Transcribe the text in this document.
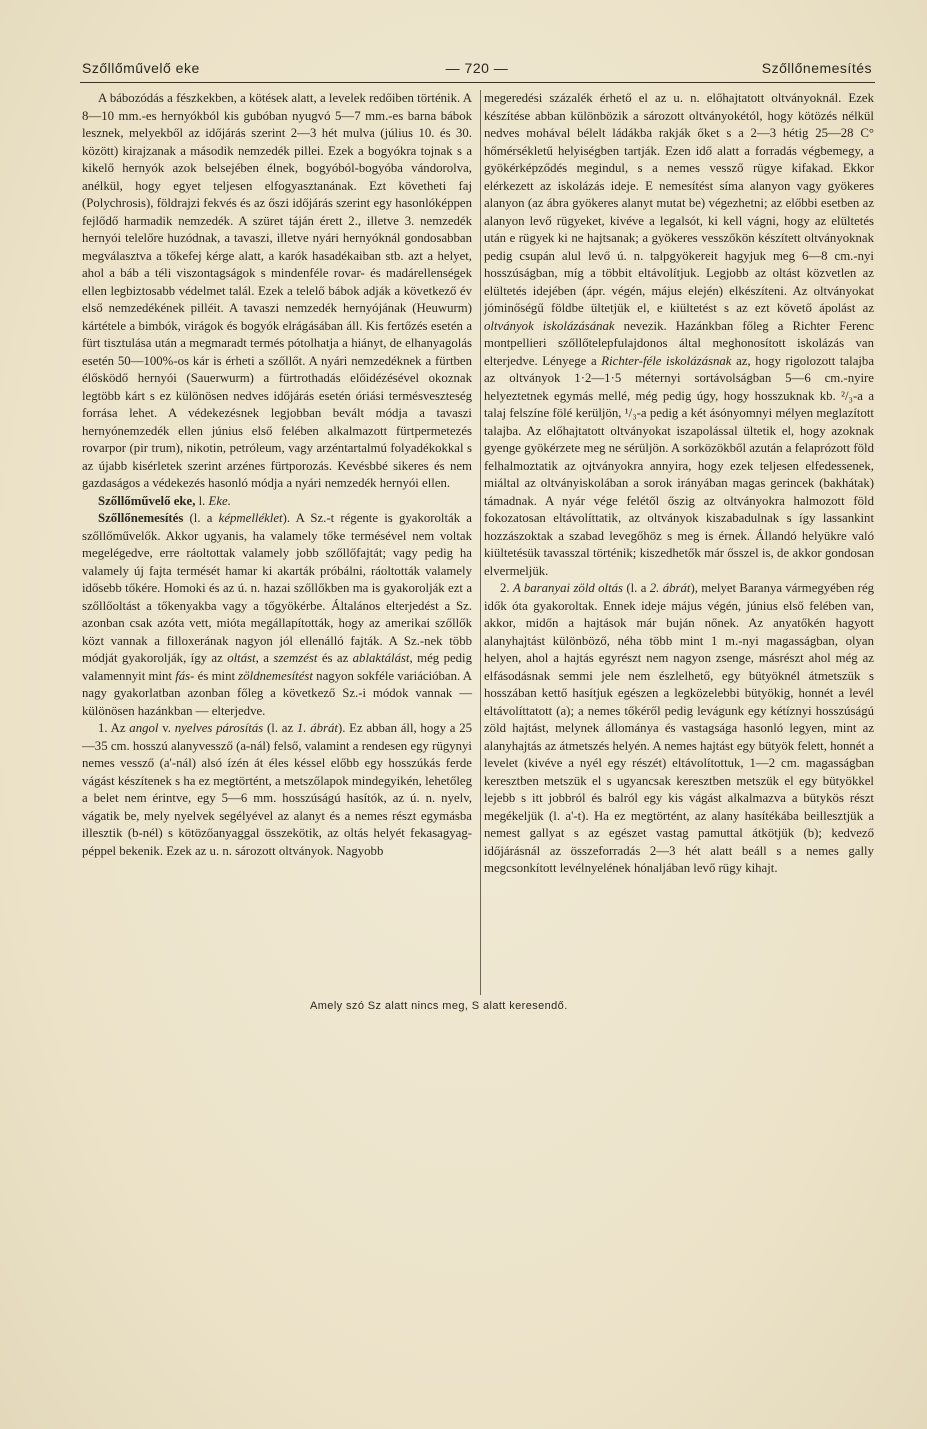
Szőllőművelő eke	— 720 —	Szőllőnemesítés

A bábozódás a fészkekben, a kötések alatt, a levelek redőiben történik. A 8—10 mm.-es hernyókból kis gubóban nyugvó 5—7 mm.-es barna bábok lesznek, melyekből az időjárás szerint 2—3 hét mulva (július 10. és 30. között) kirajzanak a második nemzedék pillei. Ezek a bogyókra tojnak s a kikelő hernyók azok belsejében élnek, bogyóból-bogyóba vándorolva, anélkül, hogy egyet teljesen elfogyasztanának. Ezt követheti faj (Polychrosis), földrajzi fekvés és az őszi időjárás szerint egy hasonlóképpen fejlődő harmadik nemzedék. A szüret táján érett 2., illetve 3. nemzedék hernyói telelőre huzódnak, a tavaszi, illetve nyári hernyóknál gondosabban megválasztva a tőkefej kérge alatt, a karók hasadékaiban stb. azt a helyet, ahol a báb a téli viszontagságok s mindenféle rovar- és madárellenségek ellen legbiztosabb védelmet talál. Ezek a telelő bábok adják a következő év első nemzedékének pilléit. A tavaszi nemzedék hernyójának (Heuwurm) kártétele a bimbók, virágok és bogyók elrágásában áll. Kis fertőzés esetén a fürt tisztulása után a megmaradt termés pótolhatja a hiányt, de elhanyagolás esetén 50—100%-os kár is érheti a szőllőt. A nyári nemzedéknek a fürtben élősködő hernyói (Sauerwurm) a fürtrothadás előidézésével okoznak legtöbb kárt s ez különösen nedves időjárás esetén óriási termésveszteség forrása lehet. A védekezésnek legjobban bevált módja a tavaszi hernyónemzedék ellen június első felében alkalmazott fürtpermetezés rovarpor (pir trum), nikotin, petróleum, vagy arzéntartalmú folyadékokkal s az újabb kisérletek szerint arzénes fürtporozás. Kevésbbé sikeres és nem gazdaságos a védekezés hasonló módja a nyári nemzedék hernyói ellen.

Szőllőművelő eke, l. Eke.

Szőllőnemesítés (l. a képmelléklet). A Sz.-t régente is gyakorolták a szőllőművelők. Akkor ugyanis, ha valamely tőke termésével nem voltak megelégedve, erre ráoltottak valamely jobb szőllőfajtát; vagy pedig ha valamely új fajta termését hamar ki akarták próbálni, ráoltották valamely idősebb tőkére. Homoki és az ú. n. hazai szőllőkben ma is gyakorolják ezt a szőllőoltást a tőkenyakba vagy a tőgyökérbe. Általános elterjedést a Sz. azonban csak azóta vett, mióta megállapították, hogy az amerikai szőllők közt vannak a filloxerának nagyon jól ellenálló fajták. A Sz.-nek több módját gyakorolják, így az oltást, a szemzést és az ablaktálást, még pedig valamennyit mint fás- és mint zöldnemesítést nagyon sokféle variációban. A nagy gyakorlatban azonban főleg a következő Sz.-i módok vannak — különösen hazánkban — elterjedve.

1. Az angol v. nyelves párosítás (l. az 1. ábrát). Ez abban áll, hogy a 25—35 cm. hosszú alanyvessző (a-nál) felső, valamint a rendesen egy rügynyi nemes vessző (a'-nál) alsó ízén át éles késsel előbb egy hosszúkás ferde vágást készítenek s ha ez megtörtént, a metszőlapok mindegyikén, lehetőleg a belet nem érintve, egy 5—6 mm. hosszúságú hasítók, az ú. n. nyelv, vágatik be, mely nyelvek segélyével az alanyt és a nemes részt egymásba illesztik (b-nél) s kötözőanyaggal összekötik, az oltás helyét fekasagyag-péppel bekenik. Ezek az u. n. sározott oltványok. Nagyobb

megeredési százalék érhető el az u. n. előhajtatott oltványoknál. Ezek készítése abban különbözik a sározott oltványokétól, hogy kötözés nélkül nedves mohával bélelt ládákba rakják őket s a 2—3 hétig 25—28 C° hőmérsékletű helyiségben tartják. Ezen idő alatt a forradás végbemegy, a gyökérképződés megindul, s a nemes vessző rügye kifakad. Ekkor elérkezett az iskolázás ideje. E nemesítést síma alanyon vagy gyökeres alanyon (az ábra gyökeres alanyt mutat be) végezhetni; az előbbi esetben az alanyon levő rügyeket, kivéve a legalsót, ki kell vágni, hogy az elültetés után e rügyek ki ne hajtsanak; a gyökeres vesszőkön készített oltványoknak pedig csupán alul levő ú. n. talpgyökereit hagyjuk meg 6—8 cm.-nyi hosszúságban, míg a többit eltávolítjuk. Legjobb az oltást közvetlen az elültetés idejében (ápr. végén, május elején) elkészíteni. Az oltványokat jóminőségű földbe ültetjük el, e kiültetést s az ezt követő ápolást az oltványok iskolázásának nevezik. Hazánkban főleg a Richter Ferenc montpellieri szőllőtelepfulajdonos által meghonosított iskolázás van elterjedve. Lényege a Richter-féle iskolázásnak az, hogy rigolozott talajba az oltványok 1·2—1·5 méternyi sortávolságban 5—6 cm.-nyire helyeztetnek egymás mellé, még pedig úgy, hogy hosszuknak kb. ²/₃-a a talaj felszíne fölé kerüljön, ¹/₃-a pedig a két ásónyomnyi mélyen meglazított talajba. Az előhajtatott oltványokat iszapolással ültetik el, hogy azoknak gyenge gyökérzete meg ne sérüljön. A sorközökből azután a felaprózott föld felhalmoztatik az ojtványokra annyira, hogy ezek teljesen elfedessenek, miáltal az oltványiskolában a sorok irányában magas gerincek (bakhátak) támadnak. A nyár vége felétől őszig az oltványokra halmozott föld fokozatosan eltávolíttatik, az oltványok kiszabadulnak s így lassankint hozzászoktak a szabad levegőhöz s meg is érnek. Állandó helyükre való kiültetésük tavasszal történik; kiszedhetők már ősszel is, de akkor gondosan elvermeljük.

2. A baranyai zöld oltás (l. a 2. ábrát), melyet Baranya vármegyében rég idők óta gyakoroltak. Ennek ideje május végén, június első felében van, akkor, midőn a hajtások már buján nőnek. Az anyatőkén hagyott alanyhajtást különböző, néha több mint 1 m.-nyi magasságban, olyan helyen, ahol a hajtás egyrészt nem nagyon zsenge, másrészt ahol még az elfásodásnak semmi jele nem észlelhető, egy bütyöknél átmetszük s hosszában kettő hasítjuk egészen a legközelebbi bütyökig, honnét a levél eltávolíttatott (a); a nemes tőkéről pedig levágunk egy kétíznyi hosszúságú zöld hajtást, melynek állománya és vastagsága hasonló legyen, mint az alanyhajtás az átmetszés helyén. A nemes hajtást egy bütyök felett, honnét a levelet (kivéve a nyél egy részét) eltávolítottuk, 1—2 cm. magasságban keresztben metszük el s ugyancsak keresztben metszük el egy bütyökkel lejebb s itt jobbról és balról egy kis vágást alkalmazva a bütykös részt megékeljük (l. a'-t). Ha ez megtörtént, az alany hasítékába beillesztjük a nemest gallyat s az egészet vastag pamuttal átkötjük (b); kedvező időjárásnál az összeforradás 2—3 hét alatt beáll s a nemes gally megcsonkított levélnyelének hónaljában levő rügy kihajt.

Amely szó Sz alatt nincs meg, S alatt keresendő.
